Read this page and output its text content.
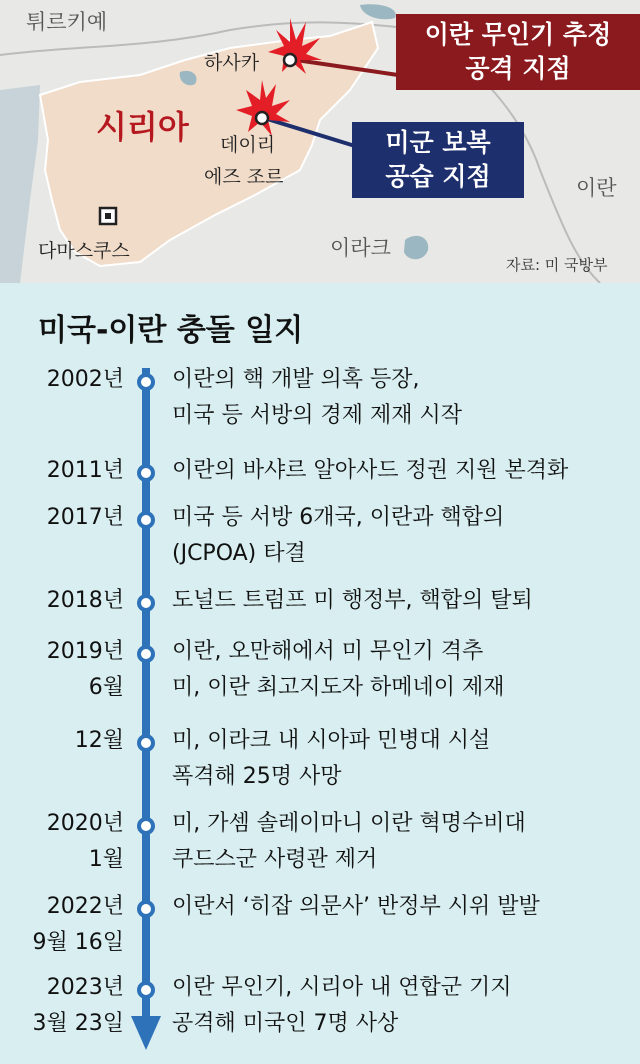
튀르키예
시리아
이라크
이란
하사카
데이리
에즈 조르
다마스쿠스
이란 무인기 추정
공격 지점
미군 보복
공습 지점
자료: 미 국방부
미국-이란 충돌 일지
2002년 이란의 핵 개발 의혹 등장,
미국 등 서방의 경제 제재 시작
2011년 이란의 바샤르 알아사드 정권 지원 본격화
2017년 미국 등 서방 6개국, 이란과 핵합의
(JCPOA) 타결
2018년 도널드 트럼프 미 행정부, 핵합의 탈퇴
2019년
6월
이란, 오만해에서 미 무인기 격추
미, 이란 최고지도자 하메네이 제재
12월 미, 이라크 내 시아파 민병대 시설
폭격해 25명 사망
2020년
1월
미, 가셈 솔레이마니 이란 혁명수비대
쿠드스군 사령관 제거
2022년
9월 16일
이란서 ‘히잡 의문사’ 반정부 시위 발발
2023년
3월 23일
이란 무인기, 시리아 내 연합군 기지
공격해 미국인 7명 사상
